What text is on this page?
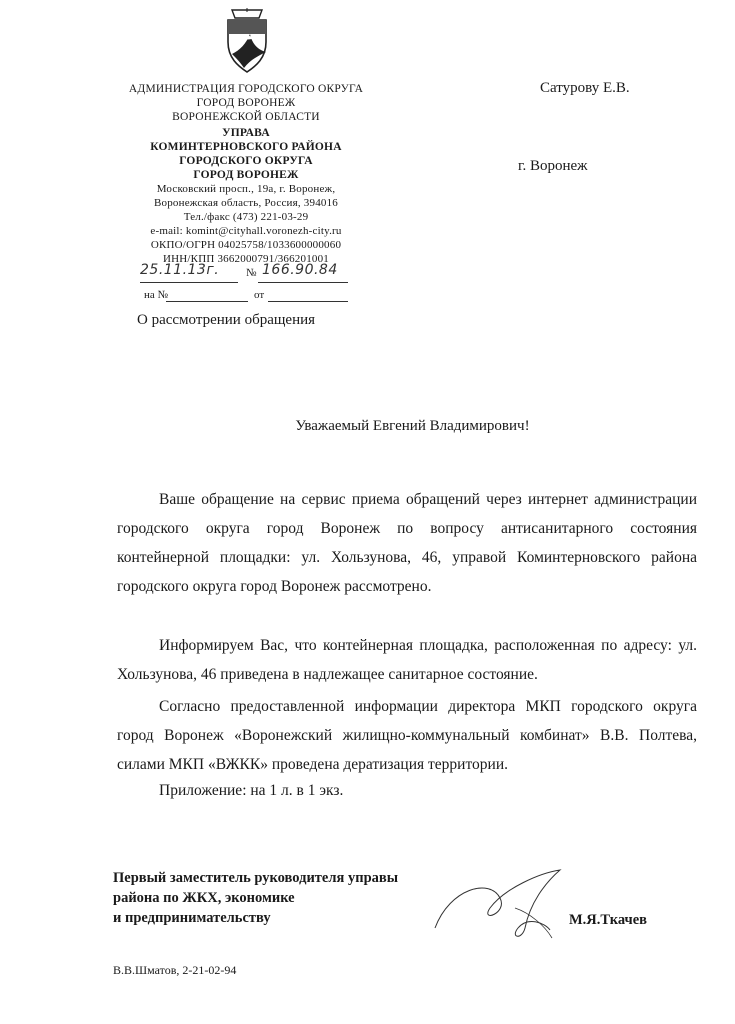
АДМИНИСТРАЦИЯ ГОРОДСКОГО ОКРУГА
ГОРОД ВОРОНЕЖ
ВОРОНЕЖСКОЙ ОБЛАСТИ
УПРАВА
КОМИНТЕРНОВСКОГО РАЙОНА
ГОРОДСКОГО ОКРУГА
ГОРОД ВОРОНЕЖ
Московский просп., 19а, г. Воронеж,
Воронежская область, Россия, 394016
Тел./факс (473) 221-03-29
e-mail: komint@cityhall.voronezh-city.ru
ОКПО/ОГРН 04025758/1033600000060
ИНН/КПП 3662000791/366201001
25.11.13г. № 166.90.84
на №	от
Сатурову Е.В.
г. Воронеж
О рассмотрении обращения
Уважаемый Евгений Владимирович!

Ваше обращение на сервис приема обращений через интернет администрации городского округа город Воронеж по вопросу антисанитарного состояния контейнерной площадки: ул. Хользунова, 46, управой Коминтерновского района городского округа город Воронеж рассмотрено.

Информируем Вас, что контейнерная площадка, расположенная по адресу: ул. Хользунова, 46 приведена в надлежащее санитарное состояние.

Согласно предоставленной информации директора МКП городского округа город Воронеж «Воронежский жилищно-коммунальный комбинат» В.В. Полтева, силами МКП «ВЖКК» проведена дератизация территории.

Приложение: на 1 л. в 1 экз.

Первый заместитель руководителя управы
района по ЖКХ, экономике
и предпринимательству	М.Я.Ткачев
В.В.Шматов, 2-21-02-94
